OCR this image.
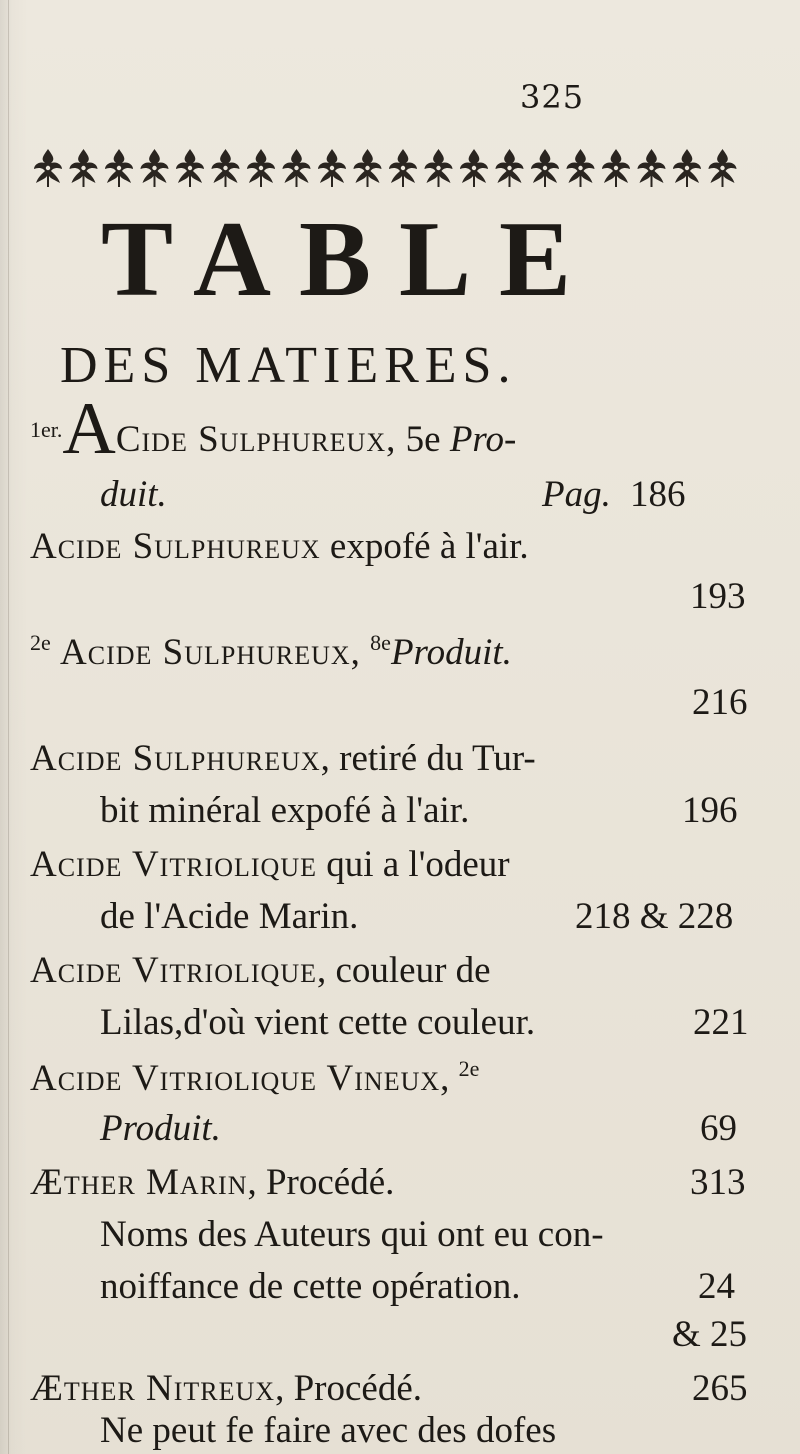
325
TABLE
DES MATIERES.
$^{1er.}$ACide Sulphureux, 5e Pro-
duit.	Pag. 186
Acide Sulphureux expofé à l'air.
193
$^{2e}$ Acide Sulphureux, $^{8e}$Produit.
216
Acide Sulphureux, retiré du Tur-
bit minéral expofé à l'air.	196
Acide Vitriolique qui a l'odeur
de l'Acide Marin.	218 & 228
Acide Vitriolique, couleur de
Lilas,d'où vient cette couleur.	221
Acide Vitriolique Vineux, $^{2e}$
Produit.	69
Æther Marin, Procédé.	313
Noms des Auteurs qui ont eu con-
noiffance de cette opération.	24
& 25
Æther Nitreux, Procédé.	265
Ne peut fe faire avec des dofes
